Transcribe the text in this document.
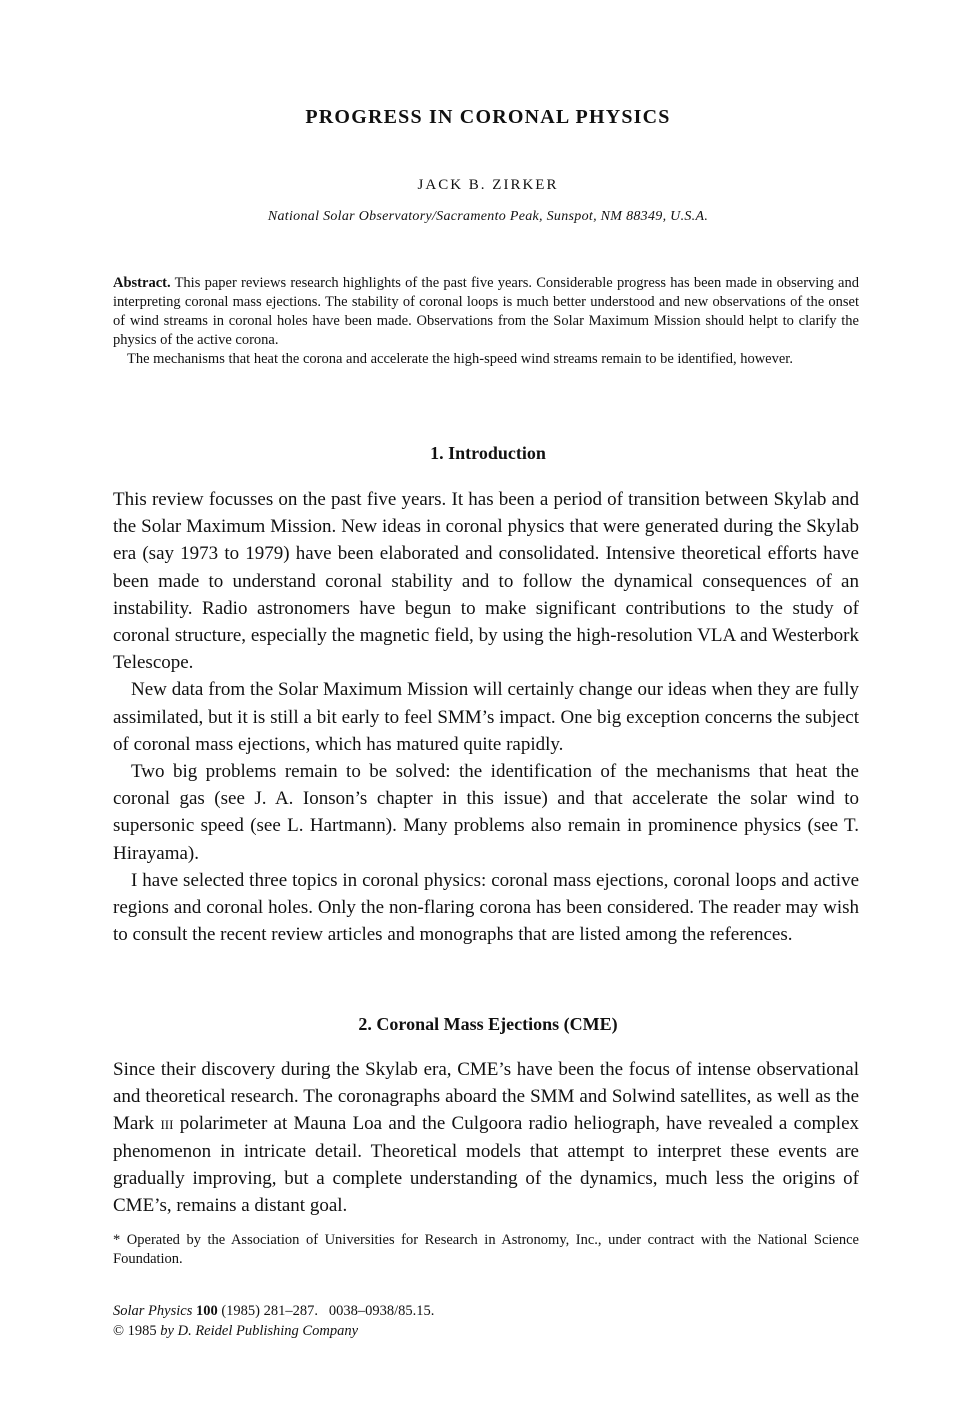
PROGRESS IN CORONAL PHYSICS
JACK B. ZIRKER
National Solar Observatory/Sacramento Peak, Sunspot, NM 88349, U.S.A.

Abstract. This paper reviews research highlights of the past five years. Considerable progress has been made in observing and interpreting coronal mass ejections. The stability of coronal loops is much better understood and new observations of the onset of wind streams in coronal holes have been made. Observations from the Solar Maximum Mission should helpt to clarify the physics of the active corona.

The mechanisms that heat the corona and accelerate the high-speed wind streams remain to be identified, however.

1. Introduction

This review focusses on the past five years. It has been a period of transition between Skylab and the Solar Maximum Mission. New ideas in coronal physics that were generated during the Skylab era (say 1973 to 1979) have been elaborated and consolidated. Intensive theoretical efforts have been made to understand coronal stability and to follow the dynamical consequences of an instability. Radio astronomers have begun to make significant contributions to the study of coronal structure, especially the magnetic field, by using the high-resolution VLA and Westerbork Telescope.

New data from the Solar Maximum Mission will certainly change our ideas when they are fully assimilated, but it is still a bit early to feel SMM’s impact. One big exception concerns the subject of coronal mass ejections, which has matured quite rapidly.

Two big problems remain to be solved: the identification of the mechanisms that heat the coronal gas (see J. A. Ionson’s chapter in this issue) and that accelerate the solar wind to supersonic speed (see L. Hartmann). Many problems also remain in prominence physics (see T. Hirayama).

I have selected three topics in coronal physics: coronal mass ejections, coronal loops and active regions and coronal holes. Only the non-flaring corona has been considered. The reader may wish to consult the recent review articles and monographs that are listed among the references.

2. Coronal Mass Ejections (CME)

Since their discovery during the Skylab era, CME’s have been the focus of intense observational and theoretical research. The coronagraphs aboard the SMM and Solwind satellites, as well as the Mark iii polarimeter at Mauna Loa and the Culgoora radio heliograph, have revealed a complex phenomenon in intricate detail. Theoretical models that attempt to interpret these events are gradually improving, but a complete understanding of the dynamics, much less the origins of CME’s, remains a distant goal.

* Operated by the Association of Universities for Research in Astronomy, Inc., under contract with the National Science Foundation.
Solar Physics 100 (1985) 281–287.   0038–0938/85.15.
© 1985 by D. Reidel Publishing Company
